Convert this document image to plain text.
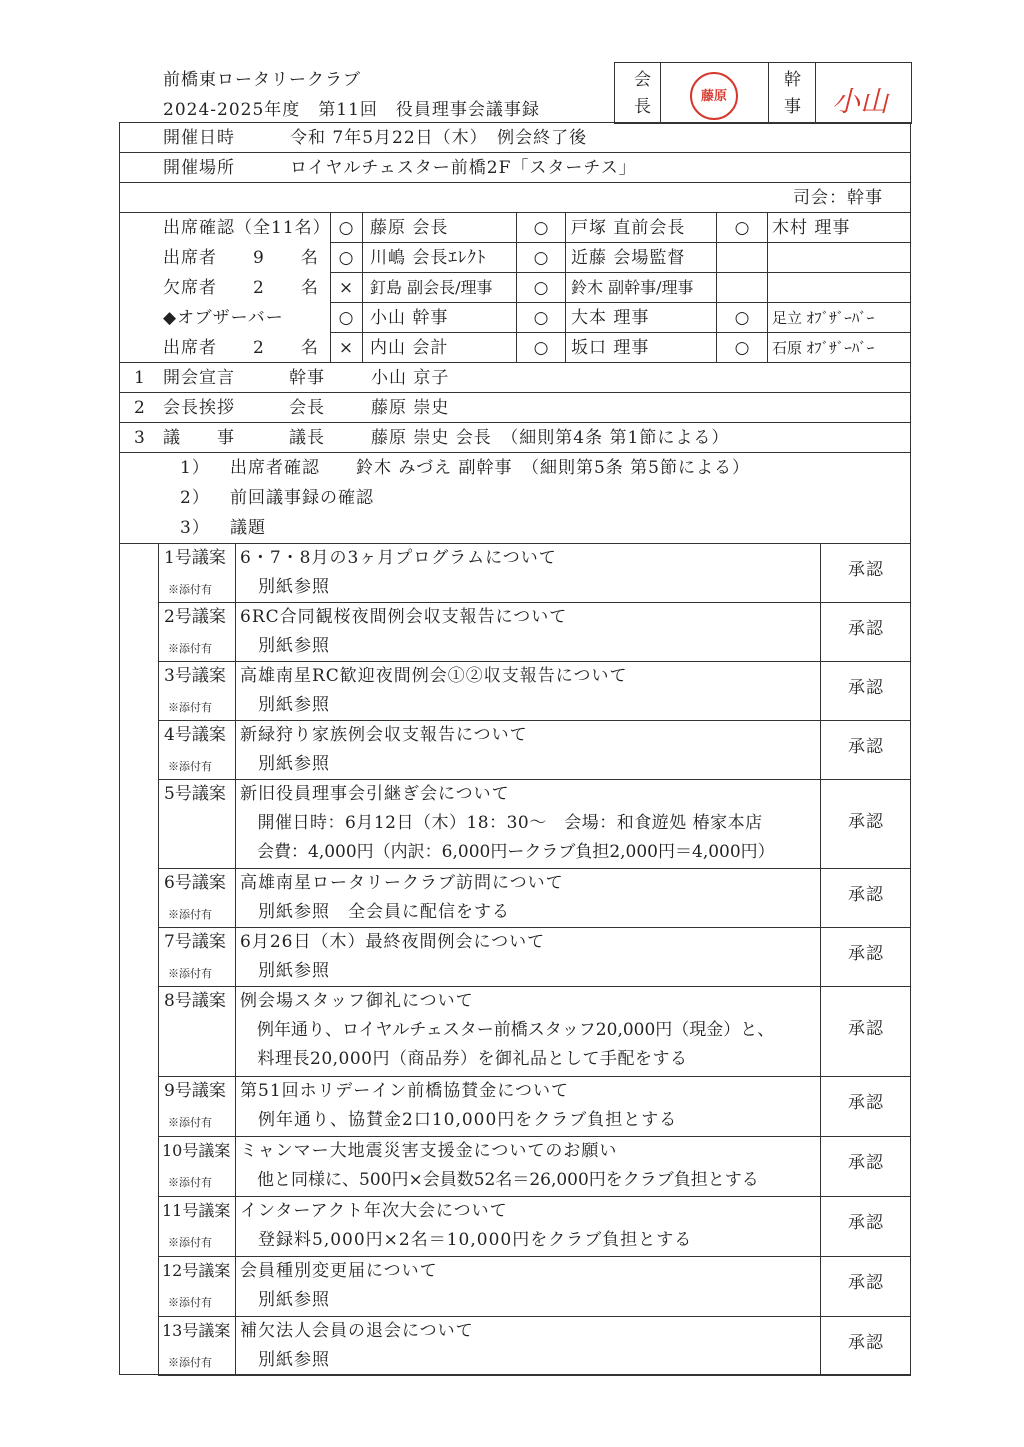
前橋東ロータリークラブ
2024-2025年度　第11回　役員理事会議事録
会
長
幹
事
藤原	小山
開催日時	令和 7年5月22日（木）　例会終了後
開催場所	ロイヤルチェスター前橋2F「スターチス」
司会：幹事
出席確認（全11名） ○ 藤原 会長	○ 戸塚 直前会長	○ 木村 理事
出席者　　9　　名 ○ 川嶋 会長ｴﾚｸﾄ	○ 近藤 会場監督
欠席者　　2　　名 ×	釘島 副会長/理事 ○ 鈴木 副幹事/理事
◆オブザーバー	○ 小山 幹事	○ 大本 理事	○	足立 ｵﾌﾞｻﾞｰﾊﾞｰ
出席者　　2　　名 × 内山 会計	○ 坂口 理事	○	石原 ｵﾌﾞｻﾞｰﾊﾞｰ
1 開会宣言	幹事	小山 京子
2 会長挨拶	会長	藤原 崇史
3 議　　事	議長	藤原 崇史 会長　（細則第4条 第1節による）
1） 出席者確認　　鈴木 みづえ 副幹事　（細則第5条 第5節による）
2） 前回議事録の確認
3） 議題
1号議案
※添付有
6・7・8月の3ヶ月プログラムについて
　別紙参照
承認
2号議案
※添付有
6RC合同観桜夜間例会収支報告について
　別紙参照
承認
3号議案
※添付有
高雄南星RC歓迎夜間例会①②収支報告について
　別紙参照
承認
4号議案
※添付有
新緑狩り家族例会収支報告について
　別紙参照
承認
5号議案 新旧役員理事会引継ぎ会について
　開催日時：6月12日（木）18：30～　会場：和食遊処 椿家本店
　会費：4,000円（内訳：6,000円ークラブ負担2,000円＝4,000円）
承認
6号議案
※添付有
高雄南星ロータリークラブ訪問について
　別紙参照　全会員に配信をする
承認
7号議案
※添付有
6月26日（木）最終夜間例会について
　別紙参照
承認
8号議案 例会場スタッフ御礼について
　例年通り、ロイヤルチェスター前橋スタッフ20,000円（現金）と、
　料理長20,000円（商品券）を御礼品として手配をする
承認
9号議案
※添付有
第51回ホリデーイン前橋協賛金について
　例年通り、協賛金2口10,000円をクラブ負担とする
承認
10号議案
※添付有
ミャンマー大地震災害支援金についてのお願い
　他と同様に、500円×会員数52名＝26,000円をクラブ負担とする
承認
11号議案
※添付有
インターアクト年次大会について
　登録料5,000円×2名＝10,000円をクラブ負担とする
承認
12号議案
※添付有
会員種別変更届について
　別紙参照
承認
13号議案
※添付有
補欠法人会員の退会について
　別紙参照
承認
